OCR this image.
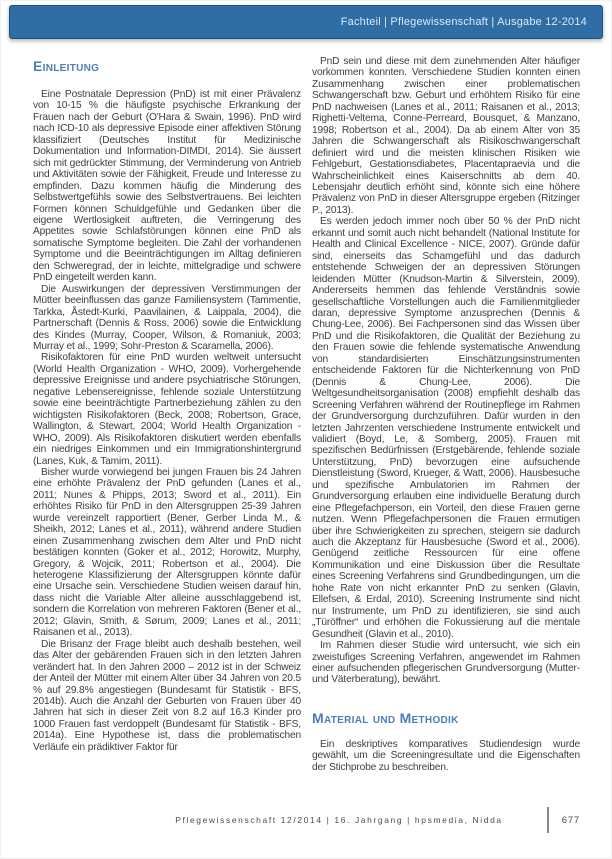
Fachteil | Pflegewissenschaft | Ausgabe 12-2014
Einleitung

Eine Postnatale Depression (PnD) ist mit einer Prävalenz von 10-15 % die häufigste psychische Erkrankung der Frauen nach der Geburt (O'Hara & Swain, 1996). PnD wird nach ICD-10 als depressive Episode einer affektiven Störung klassifiziert (Deutsches Institut für Medizinische Dokumentation und Information-DIMDI, 2014). Sie äussert sich mit gedrückter Stimmung, der Verminderung von Antrieb und Aktivitäten sowie der Fähigkeit, Freude und Interesse zu empfinden. Dazu kommen häufig die Minderung des Selbstwertgefühls sowie des Selbstvertrauens. Bei leichten Formen können Schuldgefühle und Gedanken über die eigene Wertlosigkeit auftreten, die Verringerung des Appetites sowie Schlafstörungen können eine PnD als somatische Symptome begleiten. Die Zahl der vorhandenen Symptome und die Beeinträchtigungen im Alltag definieren den Schweregrad, der in leichte, mittelgradige und schwere PnD eingeteilt werden kann.

Die Auswirkungen der depressiven Verstimmungen der Mütter beeinflussen das ganze Familiensystem (Tammentie, Tarkka, Åstedt-Kurki, Paavilainen, & Laippala, 2004), die Partnerschaft (Dennis & Ross, 2006) sowie die Entwicklung des Kindes (Murray, Cooper, Wilson, & Romaniuk, 2003; Murray et al., 1999; Sohr-Preston & Scaramella, 2006).

Risikofaktoren für eine PnD wurden weltweit untersucht (World Health Organization - WHO, 2009). Vorhergehende depressive Ereignisse und andere psychiatrische Störungen, negative Lebensereignisse, fehlende soziale Unterstützung sowie eine beeinträchtigte Partnerbeziehung zählen zu den wichtigsten Risikofaktoren (Beck, 2008; Robertson, Grace, Wallington, & Stewart, 2004; World Health Organization - WHO, 2009). Als Risikofaktoren diskutiert werden ebenfalls ein niedriges Einkommen und ein Immigrationshintergrund (Lanes, Kuk, & Tamim, 2011).

Bisher wurde vorwiegend bei jungen Frauen bis 24 Jahren eine erhöhte Prävalenz der PnD gefunden (Lanes et al., 2011; Nunes & Phipps, 2013; Sword et al., 2011). Ein erhöhtes Risiko für PnD in den Altersgruppen 25-39 Jahren wurde vereinzelt rapportiert (Bener, Gerber Linda M., & Sheikh, 2012; Lanes et al., 2011), während andere Studien einen Zusammenhang zwischen dem Alter und PnD nicht bestätigen konnten (Goker et al., 2012; Horowitz, Murphy, Gregory, & Wojcik, 2011; Robertson et al., 2004). Die heterogene Klassifizierung der Altersgruppen könnte dafür eine Ursache sein. Verschiedene Studien weisen darauf hin, dass nicht die Variable Alter alleine ausschlaggebend ist, sondern die Korrelation von mehreren Faktoren (Bener et al., 2012; Glavin, Smith, & Sørum, 2009; Lanes et al., 2011; Raisanen et al., 2013).

Die Brisanz der Frage bleibt auch deshalb bestehen, weil das Alter der gebärenden Frauen sich in den letzten Jahren verändert hat. In den Jahren 2000 – 2012 ist in der Schweiz der Anteil der Mütter mit einem Alter über 34 Jahren von 20.5 % auf 29.8% angestiegen (Bundesamt für Statistik - BFS, 2014b). Auch die Anzahl der Geburten von Frauen über 40 Jahren hat sich in dieser Zeit von 8.2 auf 16.3 Kinder pro 1000 Frauen fast verdoppelt (Bundesamt für Statistik - BFS, 2014a). Eine Hypothese ist, dass die problematischen Verläufe ein prädiktiver Faktor für

PnD sein und diese mit dem zunehmenden Alter häufiger vorkommen konnten. Verschiedene Studien konnten einen Zusammenhang zwischen einer problematischen Schwangerschaft bzw. Geburt und erhöhtem Risiko für eine PnD nachweisen (Lanes et al., 2011; Raisanen et al., 2013; Righetti-Veltema, Conne-Perreard, Bousquet, & Manzano, 1998; Robertson et al., 2004). Da ab einem Alter von 35 Jahren die Schwangerschaft als Risikoschwangerschaft definiert wird und die meisten klinischen Risiken wie Fehlgeburt, Gestationsdiabetes, Placentapraevia und die Wahrscheinlichkeit eines Kaiserschnitts ab dem 40. Lebensjahr deutlich erhöht sind, könnte sich eine höhere Prävalenz von PnD in dieser Altersgruppe ergeben (Ritzinger P., 2013).

Es werden jedoch immer noch über 50 % der PnD nicht erkannt und somit auch nicht behandelt (National Institute for Health and Clinical Excellence - NICE, 2007). Gründe dafür sind, einerseits das Schamgefühl und das dadurch entstehende Schweigen der an depressiven Störungen leidenden Mütter (Knudson-Martin & Silverstein, 2009). Andererseits hemmen das fehlende Verständnis sowie gesellschaftliche Vorstellungen auch die Familienmitglieder daran, depressive Symptome anzusprechen (Dennis & Chung-Lee, 2006). Bei Fachpersonen sind das Wissen über PnD und die Risikofaktoren, die Qualität der Beziehung zu den Frauen sowie die fehlende systematische Anwendung von standardisierten Einschätzungsinstrumenten entscheidende Faktoren für die Nichterkennung von PnD (Dennis & Chung-Lee, 2006). Die Weltgesundheitsorganisation (2008) empfiehlt deshalb das Screening Verfahren während der Routinepflege im Rahmen der Grundversorgung durchzuführen. Dafür wurden in den letzten Jahrzenten verschiedene Instrumente entwickelt und validiert (Boyd, Le, & Somberg, 2005). Frauen mit spezifischen Bedürfnissen (Erstgebärende, fehlende soziale Unterstützung, PnD) bevorzugen eine aufsuchende Dienstleistung (Sword, Krueger, & Watt, 2006). Hausbesuche und spezifische Ambulatorien im Rahmen der Grundversorgung erlauben eine individuelle Beratung durch eine Pflegefachperson, ein Vorteil, den diese Frauen gerne nutzen. Wenn Pflegefachpersonen die Frauen ermutigen über ihre Schwierigkeiten zu sprechen, steigern sie dadurch auch die Akzeptanz für Hausbesuche (Sword et al., 2006). Genügend zeitliche Ressourcen für eine offene Kommunikation und eine Diskussion über die Resultate eines Screening Verfahrens sind Grundbedingungen, um die hohe Rate von nicht erkannter PnD zu senken (Glavin, Ellefsen, & Erdal, 2010). Screening Instrumente sind nicht nur Instrumente, um PnD zu identifizieren, sie sind auch „Türöffner“ und erhöhen die Fokussierung auf die mentale Gesundheit (Glavin et al., 2010).

Im Rahmen dieser Studie wird untersucht, wie sich ein zweistufiges Screening Verfahren, angewendet im Rahmen einer aufsuchenden pflegerischen Grundversorgung (Mutter- und Väterberatung), bewährt.

Material und Methodik

Ein deskriptives komparatives Studiendesign wurde gewählt, um die Screeningresultate und die Eigenschaften der Stichprobe zu beschreiben.

Pflegewissenschaft 12/2014 | 16. Jahrgang | hpsmedia, Nidda	677
